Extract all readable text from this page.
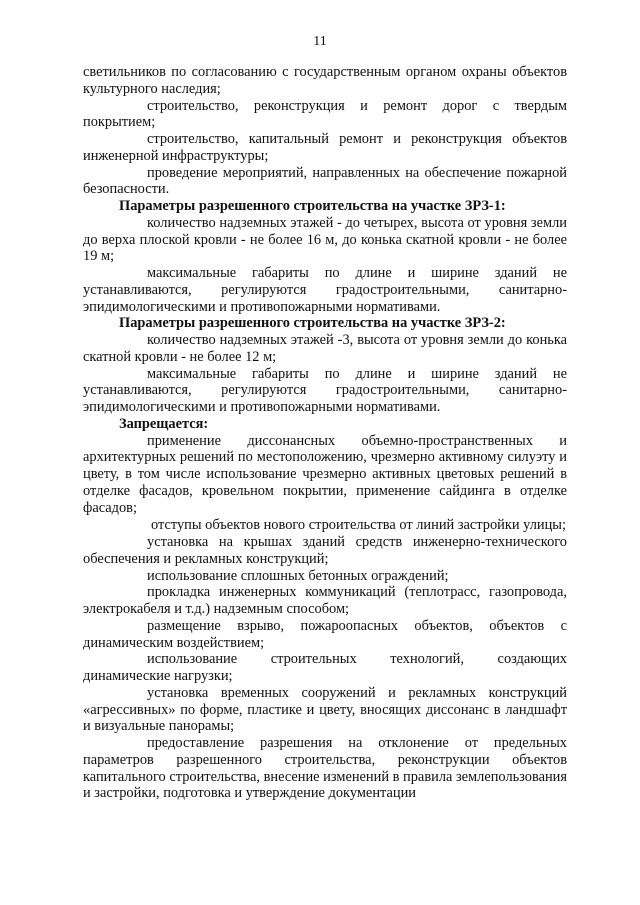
11

светильников по согласованию с государственным органом охраны объектов культурного наследия;

строительство, реконструкция и ремонт дорог с твердым покрытием;

строительство, капитальный ремонт и реконструкция объектов инженерной инфраструктуры;

проведение мероприятий, направленных на обеспечение пожарной безопасности.

Параметры разрешенного строительства на участке ЗРЗ-1:

количество надземных этажей - до четырех, высота от уровня земли до верха плоской кровли - не более 16 м, до конька скатной кровли - не более 19 м;

максимальные габариты по длине и ширине зданий не устанавливаются, регулируются градостроительными, санитарно-эпидимологическими и противопожарными нормативами.

Параметры разрешенного строительства на участке ЗРЗ-2:

количество надземных этажей -3, высота от уровня земли до конька скатной кровли - не более 12 м;

максимальные габариты по длине и ширине зданий не устанавливаются, регулируются градостроительными, санитарно-эпидимологическими и противопожарными нормативами.

Запрещается:

применение диссонансных объемно-пространственных и архитектурных решений по местоположению, чрезмерно активному силуэту и цвету, в том числе использование чрезмерно активных цветовых решений в отделке фасадов, кровельном покрытии, применение сайдинга в отделке фасадов;

отступы объектов нового строительства от линий застройки улицы;

установка на крышах зданий средств инженерно-технического обеспечения и рекламных конструкций;

использование сплошных бетонных ограждений;

прокладка инженерных коммуникаций (теплотрасс, газопровода, электрокабеля и т.д.) надземным способом;

размещение взрыво, пожароопасных объектов, объектов с динамическим воздействием;

использование строительных технологий, создающих динамические нагрузки;

установка временных сооружений и рекламных конструкций «агрессивных» по форме, пластике и цвету, вносящих диссонанс в ландшафт и визуальные панорамы;

предоставление разрешения на отклонение от предельных параметров разрешенного строительства, реконструкции объектов капитального строительства, внесение изменений в правила землепользования и застройки, подготовка и утверждение документации
